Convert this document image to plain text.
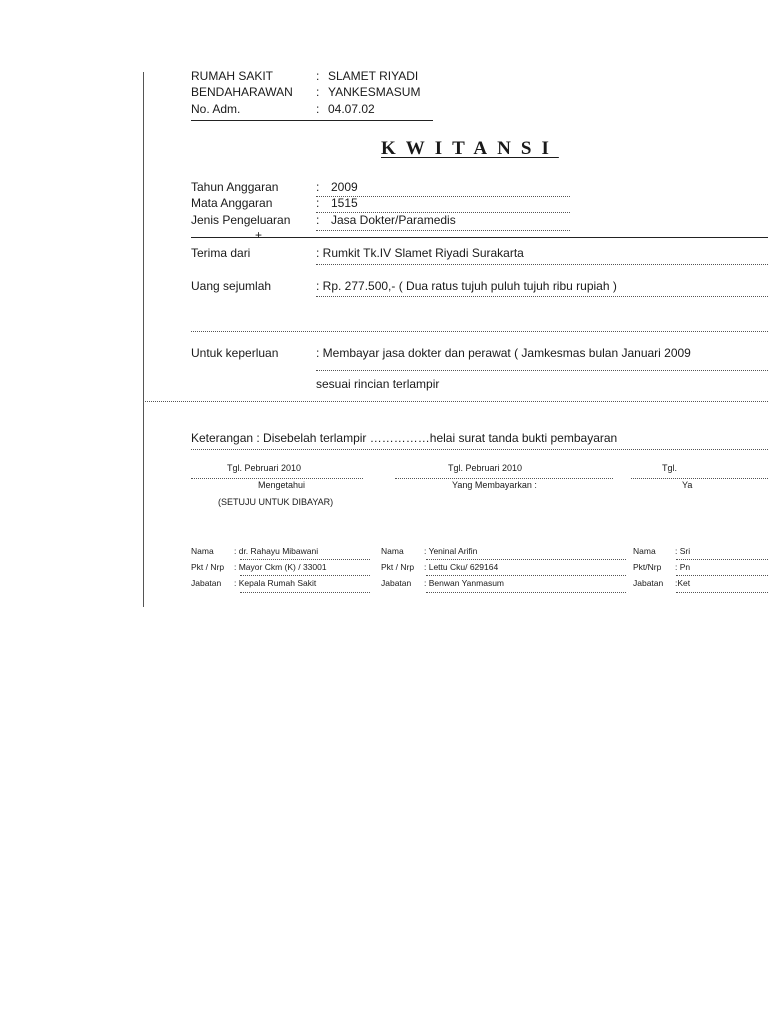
RUMAH SAKIT	: SLAMET RIYADI
BENDAHARAWAN : YANKESMASUM
No. Adm.	: 04.07.02
KWITANSI
Tahun Anggaran	: 2009
Mata Anggaran	: 1515
Jenis Pengeluaran : Jasa Dokter/Paramedis
+
Terima dari	: Rumkit Tk.IV Slamet Riyadi Surakarta
Uang sejumlah	: Rp. 277.500,- ( Dua ratus tujuh puluh tujuh ribu rupiah )
Untuk keperluan	: Membayar jasa dokter dan perawat ( Jamkesmas bulan Januari 2009
sesuai rincian terlampir
Keterangan : Disebelah terlampir ……………helai surat tanda bukti pembayaran
Tgl. Pebruari 2010
Mengetahui
(SETUJU UNTUK DIBAYAR)
Nama : dr. Rahayu Mibawani
Pkt / Nrp : Mayor Ckm (K) / 33001
Jabatan : Kepala Rumah Sakit
Tgl. Pebruari 2010
Yang Membayarkan :
Nama : Yeninal Arifin
Pkt / Nrp : Lettu Cku/ 629164
Jabatan : Benwan Yanmasum
Tgl.
Ya
Nama : Sri
Pkt/Nrp : Pn
Jabatan :Ket
